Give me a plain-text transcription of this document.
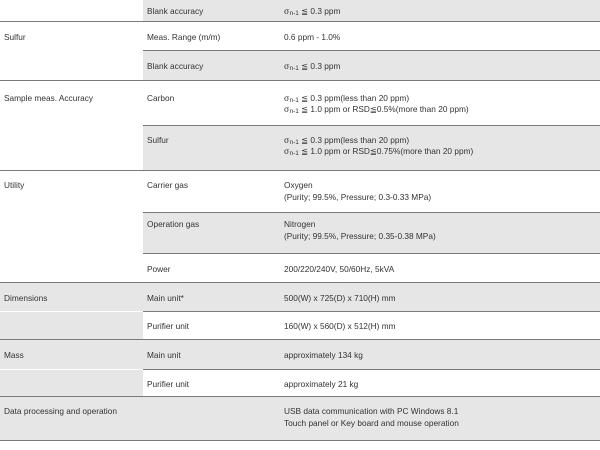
Blank accuracy	$\sigma_{n-1}$ ≦ 0.3 ppm
Sulfur	Meas. Range (m/m)	0.6 ppm - 1.0%
Blank accuracy	$\sigma_{n-1}$ ≦ 0.3 ppm
Sample meas. Accuracy	Carbon	$\sigma_{n-1}$ ≦ 0.3 ppm(less than 20 ppm)
$\sigma_{n-1}$ ≦ 1.0 ppm or RSD≦0.5%(more than 20 ppm)
Sulfur	$\sigma_{n-1}$ ≦ 0.3 ppm(less than 20 ppm)
$\sigma_{n-1}$ ≦ 1.0 ppm or RSD≦0.75%(more than 20 ppm)
Utility	Carrier gas	Oxygen
(Purity; 99.5%, Pressure; 0.3-0.33 MPa)
Operation gas	Nitrogen
(Purity; 99.5%, Pressure; 0.35-0.38 MPa)
Power	200/220/240V, 50/60Hz, 5kVA
Dimensions	Main unit*	500(W) x 725(D) x 710(H) mm
Purifier unit	160(W) x 560(D) x 512(H) mm
Mass	Main unit	approximately 134 kg
Purifier unit	approximately 21 kg
Data processing and operation	USB data communication with PC Windows 8.1
Touch panel or Key board and mouse operation
